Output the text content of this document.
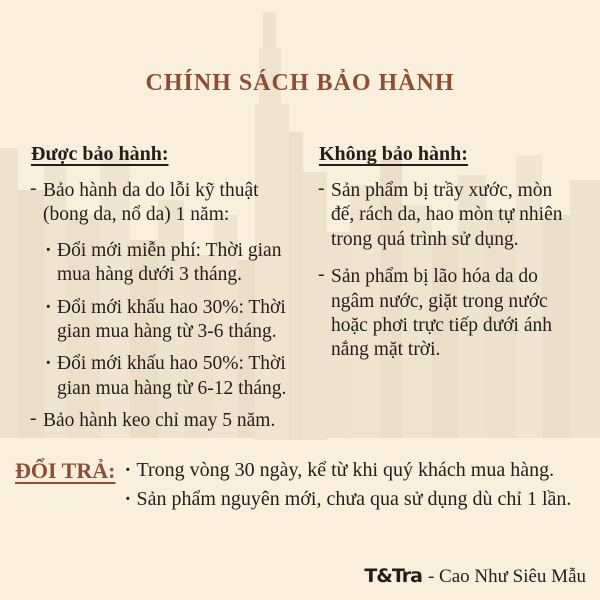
CHÍNH SÁCH BẢO HÀNH
Được bảo hành:
- Bảo hành da do lỗi kỹ thuật (bong da, nổ da) 1 năm:
· Đổi mới miễn phí: Thời gian mua hàng dưới 3 tháng.
· Đổi mới khấu hao 30%: Thời gian mua hàng từ 3-6 tháng.
· Đổi mới khấu hao 50%: Thời gian mua hàng từ 6-12 tháng.
- Bảo hành keo chỉ may 5 năm.
Không bảo hành:
- Sản phẩm bị trầy xước, mòn đế, rách da, hao mòn tự nhiên trong quá trình sử dụng.
- Sản phẩm bị lão hóa da do ngâm nước, giặt trong nước hoặc phơi trực tiếp dưới ánh nắng mặt trời.
ĐỔI TRẢ: · Trong vòng 30 ngày, kể từ khi quý khách mua hàng.
· Sản phẩm nguyên mới, chưa qua sử dụng dù chỉ 1 lần.
T&Tra - Cao Như Siêu Mẫu
